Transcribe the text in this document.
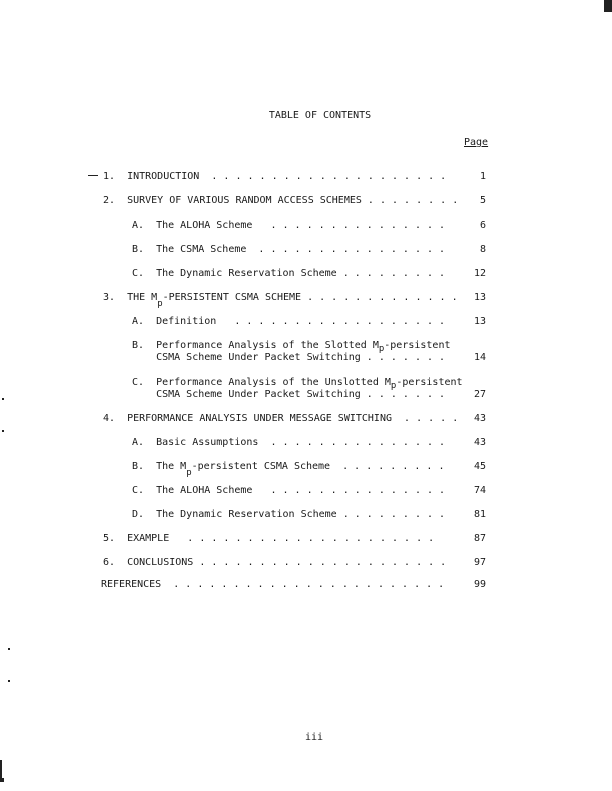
TABLE OF CONTENTS
Page
1.  INTRODUCTION  . . . . . . . . . . . . . . . . . . . .	1
2.  SURVEY OF VARIOUS RANDOM ACCESS SCHEMES . . . . . . . .	5
A.  The ALOHA Scheme   . . . . . . . . . . . . . . .	6
B.  The CSMA Scheme  . . . . . . . . . . . . . . . .	8
C.  The Dynamic Reservation Scheme . . . . . . . . .	12
3.  THE Mp-PERSISTENT CSMA SCHEME . . . . . . . . . . . . .	13
A.  Definition   . . . . . . . . . . . . . . . . . .	13
B.  Performance Analysis of the Slotted Mp-persistent
CSMA Scheme Under Packet Switching . . . . . . .	14
C.  Performance Analysis of the Unslotted Mp-persistent
CSMA Scheme Under Packet Switching . . . . . . .	27
4.  PERFORMANCE ANALYSIS UNDER MESSAGE SWITCHING  . . . . .	43
A.  Basic Assumptions  . . . . . . . . . . . . . . .	43
B.  The Mp-persistent CSMA Scheme  . . . . . . . . .	45
C.  The ALOHA Scheme   . . . . . . . . . . . . . . .	74
D.  The Dynamic Reservation Scheme . . . . . . . . .	81
5.  EXAMPLE   . . . . . . . . . . . . . . . . . . . . .	87
6.  CONCLUSIONS . . . . . . . . . . . . . . . . . . . . .	97
REFERENCES  . . . . . . . . . . . . . . . . . . . . . . .	99
iii
